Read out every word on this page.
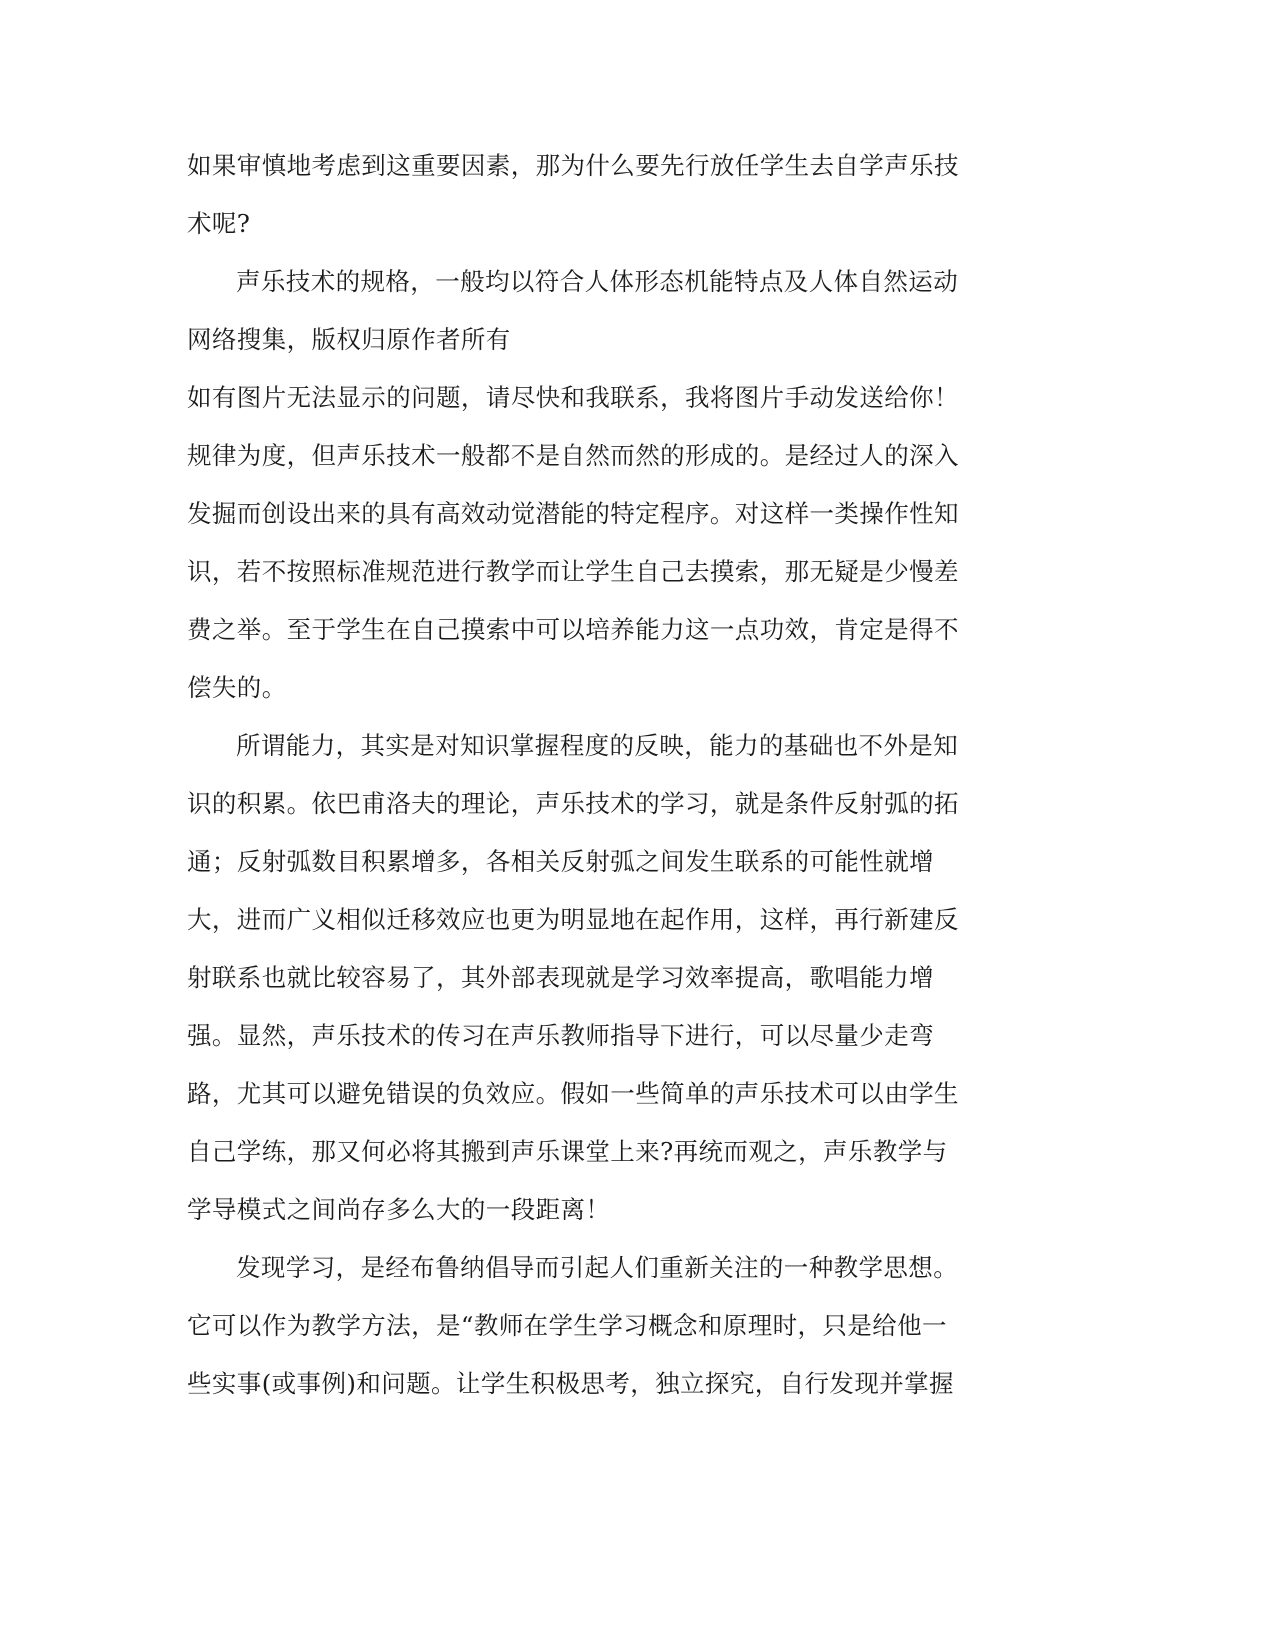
如果审慎地考虑到这重要因素，那为什么要先行放任学生去自学声乐技
术呢?
声乐技术的规格，一般均以符合人体形态机能特点及人体自然运动
网络搜集，版权归原作者所有
如有图片无法显示的问题，请尽快和我联系，我将图片手动发送给你！
规律为度，但声乐技术一般都不是自然而然的形成的。是经过人的深入
发掘而创设出来的具有高效动觉潜能的特定程序。对这样一类操作性知
识，若不按照标准规范进行教学而让学生自己去摸索，那无疑是少慢差
费之举。至于学生在自己摸索中可以培养能力这一点功效，肯定是得不
偿失的。
所谓能力，其实是对知识掌握程度的反映，能力的基础也不外是知
识的积累。依巴甫洛夫的理论，声乐技术的学习，就是条件反射弧的拓
通；反射弧数目积累增多，各相关反射弧之间发生联系的可能性就增
大，进而广义相似迁移效应也更为明显地在起作用，这样，再行新建反
射联系也就比较容易了，其外部表现就是学习效率提高，歌唱能力增
强。显然，声乐技术的传习在声乐教师指导下进行，可以尽量少走弯
路，尤其可以避免错误的负效应。假如一些简单的声乐技术可以由学生
自己学练，那又何必将其搬到声乐课堂上来?再统而观之，声乐教学与
学导模式之间尚存多么大的一段距离！
发现学习，是经布鲁纳倡导而引起人们重新关注的一种教学思想。
它可以作为教学方法，是“教师在学生学习概念和原理时，只是给他一
些实事(或事例)和问题。让学生积极思考，独立探究，自行发现并掌握
